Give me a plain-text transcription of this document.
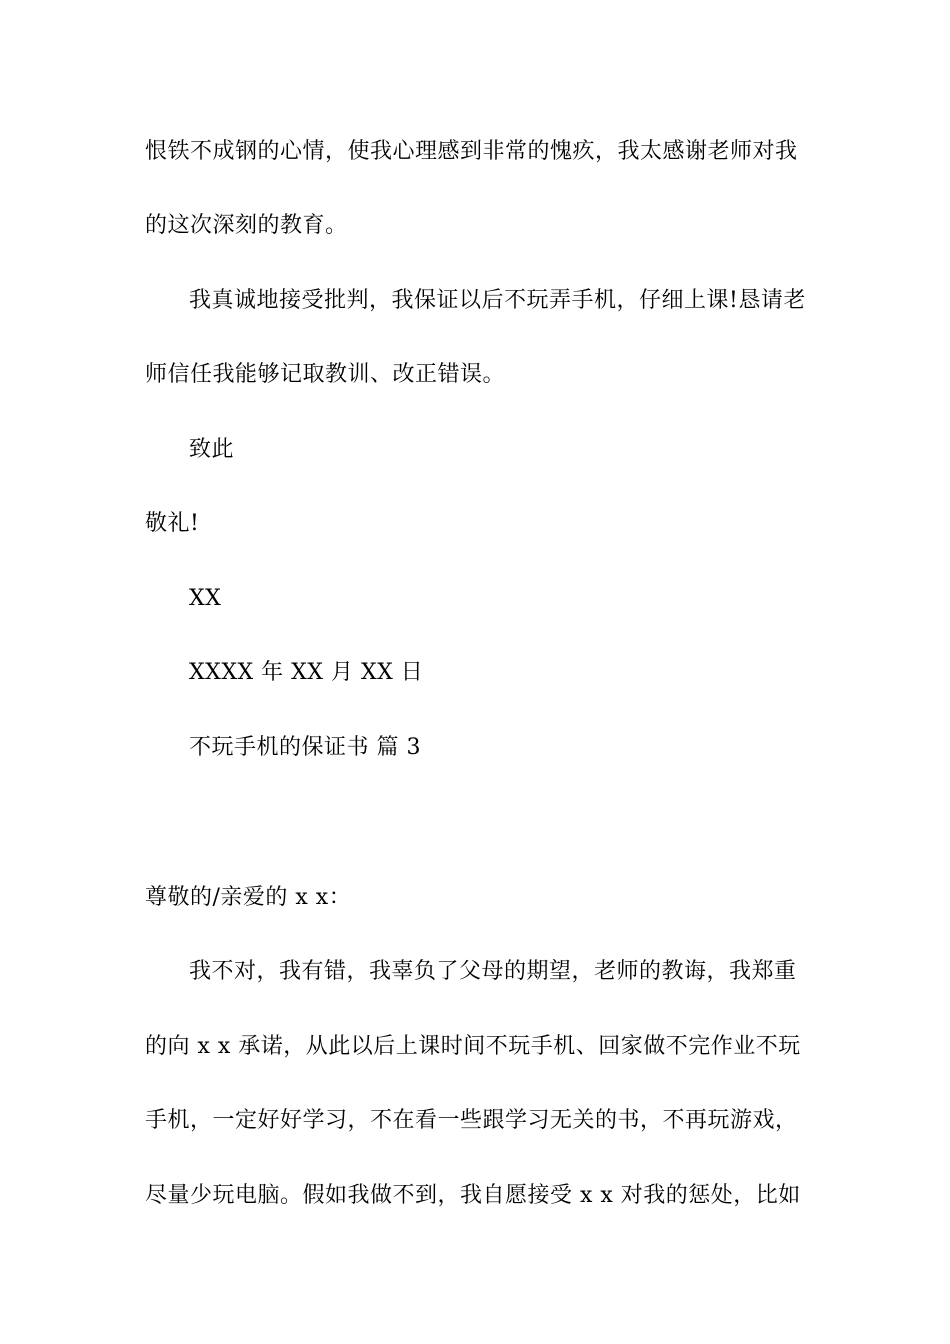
恨铁不成钢的心情，使我心理感到非常的愧疚，我太感谢老师对我
的这次深刻的教育。
我真诚地接受批判，我保证以后不玩弄手机，仔细上课!恳请老
师信任我能够记取教训、改正错误。
致此
敬礼!
XX
XXXX 年 XX 月 XX 日
不玩手机的保证书 篇 3
尊敬的/亲爱的 x x：
我不对，我有错，我辜负了父母的期望，老师的教诲，我郑重
的向 x x 承诺，从此以后上课时间不玩手机、回家做不完作业不玩
手机，一定好好学习，不在看一些跟学习无关的书，不再玩游戏，
尽量少玩电脑。假如我做不到，我自愿接受 x x 对我的惩处，比如
